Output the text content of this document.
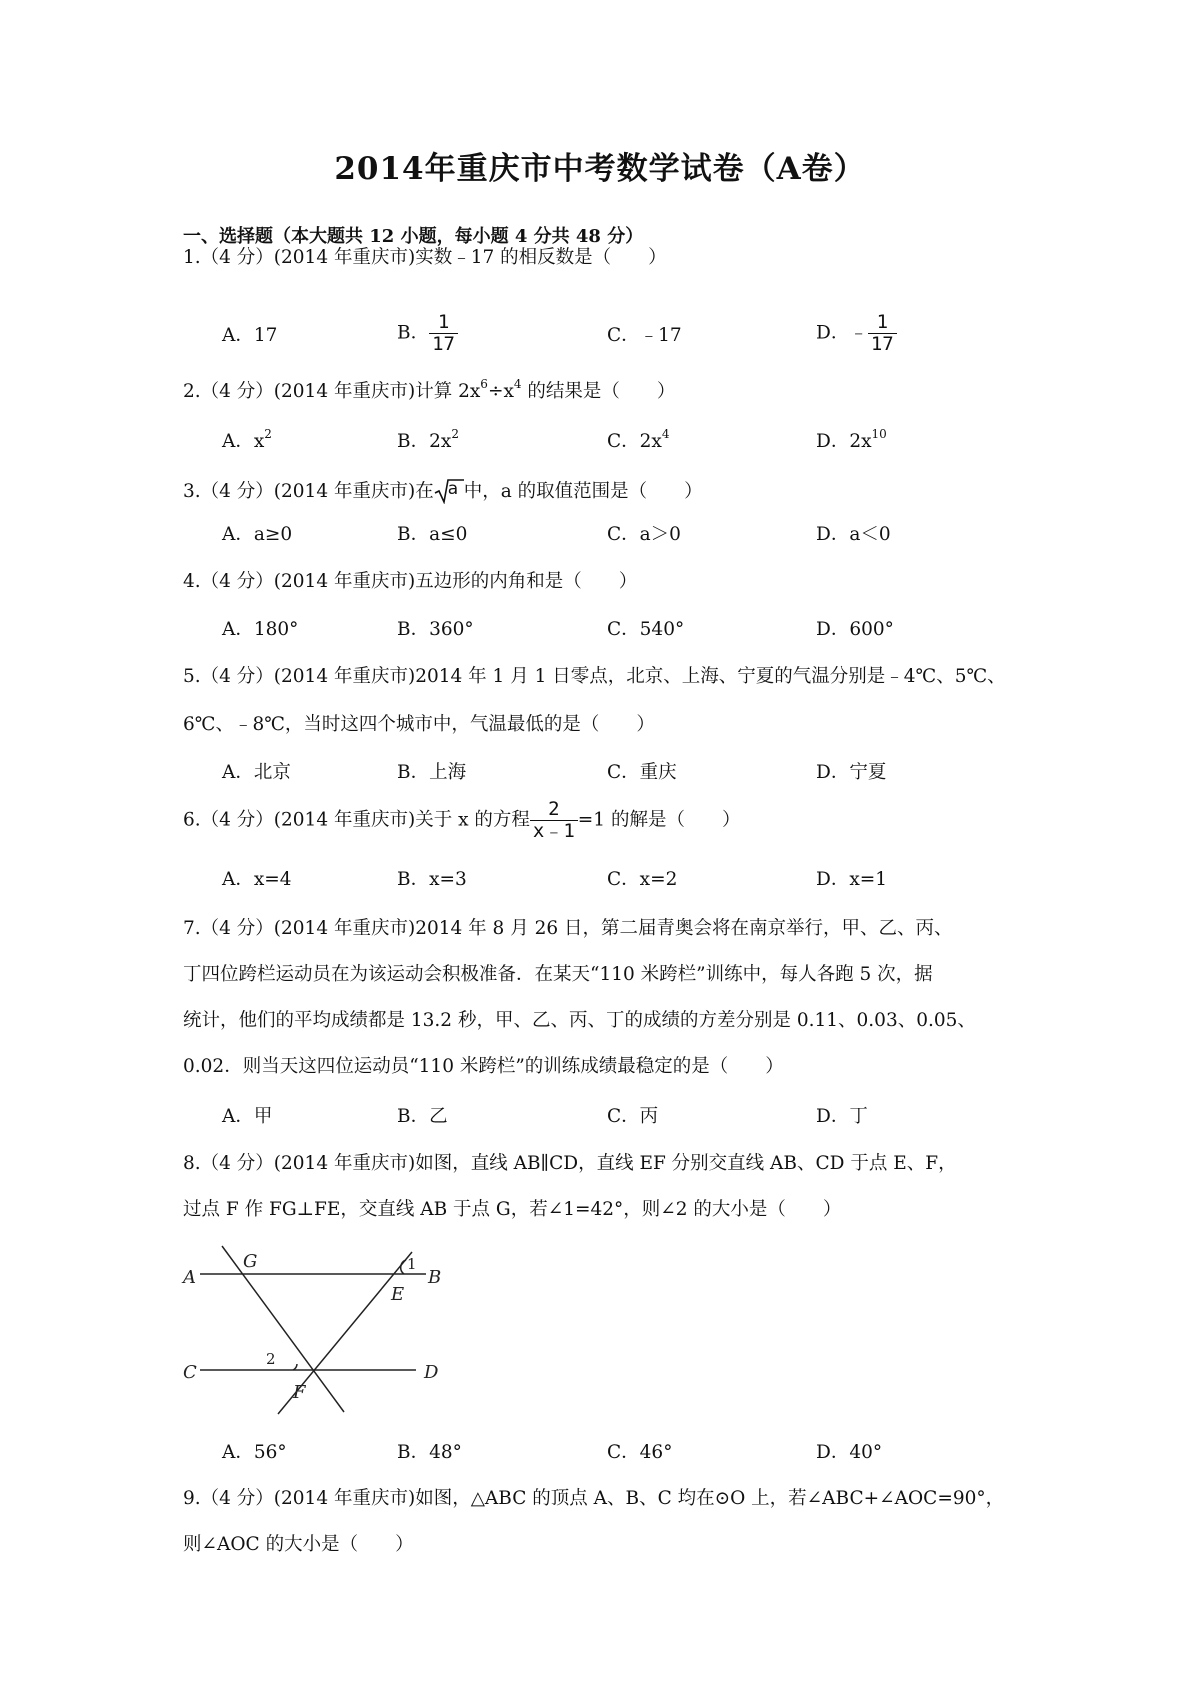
2014年重庆市中考数学试卷（A卷）
一、选择题（本大题共 12 小题，每小题 4 分共 48 分）
1.（4 分）(2014 年重庆市)实数﹣17 的相反数是（　　）
A．17	B． $\frac{1}{17}$	C．﹣17	D．﹣ $\frac{1}{17}$
2.（4 分）(2014 年重庆市)计算 $2x^6\div x^4$ 的结果是（　　）
A．$x^2$	B．$2x^2$	C．$2x^4$	D．$2x^{10}$
3.（4 分）(2014 年重庆市)在 a 中，a 的取值范围是（　　）
A．a≥0	B．a≤0	C．a＞0	D．a＜0
4.（4 分）(2014 年重庆市)五边形的内角和是（　　）
A．180°	B．360°	C．540°	D．600°
5.（4 分）(2014 年重庆市)2014 年 1 月 1 日零点，北京、上海、宁夏的气温分别是﹣4℃、5℃、
6℃、﹣8℃，当时这四个城市中，气温最低的是（　　）
A．北京	B．上海	C．重庆	D．宁夏
6.（4 分）(2014 年重庆市)关于 x 的方程 $\frac{2}{x﹣1} =1$ 的解是（　　）
A．x=4	B．x=3	C．x=2	D．x=1
7.（4 分）(2014 年重庆市)2014 年 8 月 26 日，第二届青奥会将在南京举行，甲、乙、丙、
丁四位跨栏运动员在为该运动会积极准备．在某天“110 米跨栏”训练中，每人各跑 5 次，据
统计，他们的平均成绩都是 13.2 秒，甲、乙、丙、丁的成绩的方差分别是 0.11、0.03、0.05、
0.02．则当天这四位运动员“110 米跨栏”的训练成绩最稳定的是（　　）
A．甲	B．乙	C．丙	D．丁
8.（4 分）(2014 年重庆市)如图，直线 AB∥CD，直线 EF 分别交直线 AB、CD 于点 E、F，
过点 F 作 FG⊥FE，交直线 AB 于点 G，若∠1=42°，则∠2 的大小是（　　）
A
G	1
B
E
C
2
F
D
A．56°	B．48°	C．46°	D．40°
9.（4 分）(2014 年重庆市)如图，△ABC 的顶点 A、B、C 均在⊙O 上，若∠ABC+∠AOC=90°，
则∠AOC 的大小是（　　）
